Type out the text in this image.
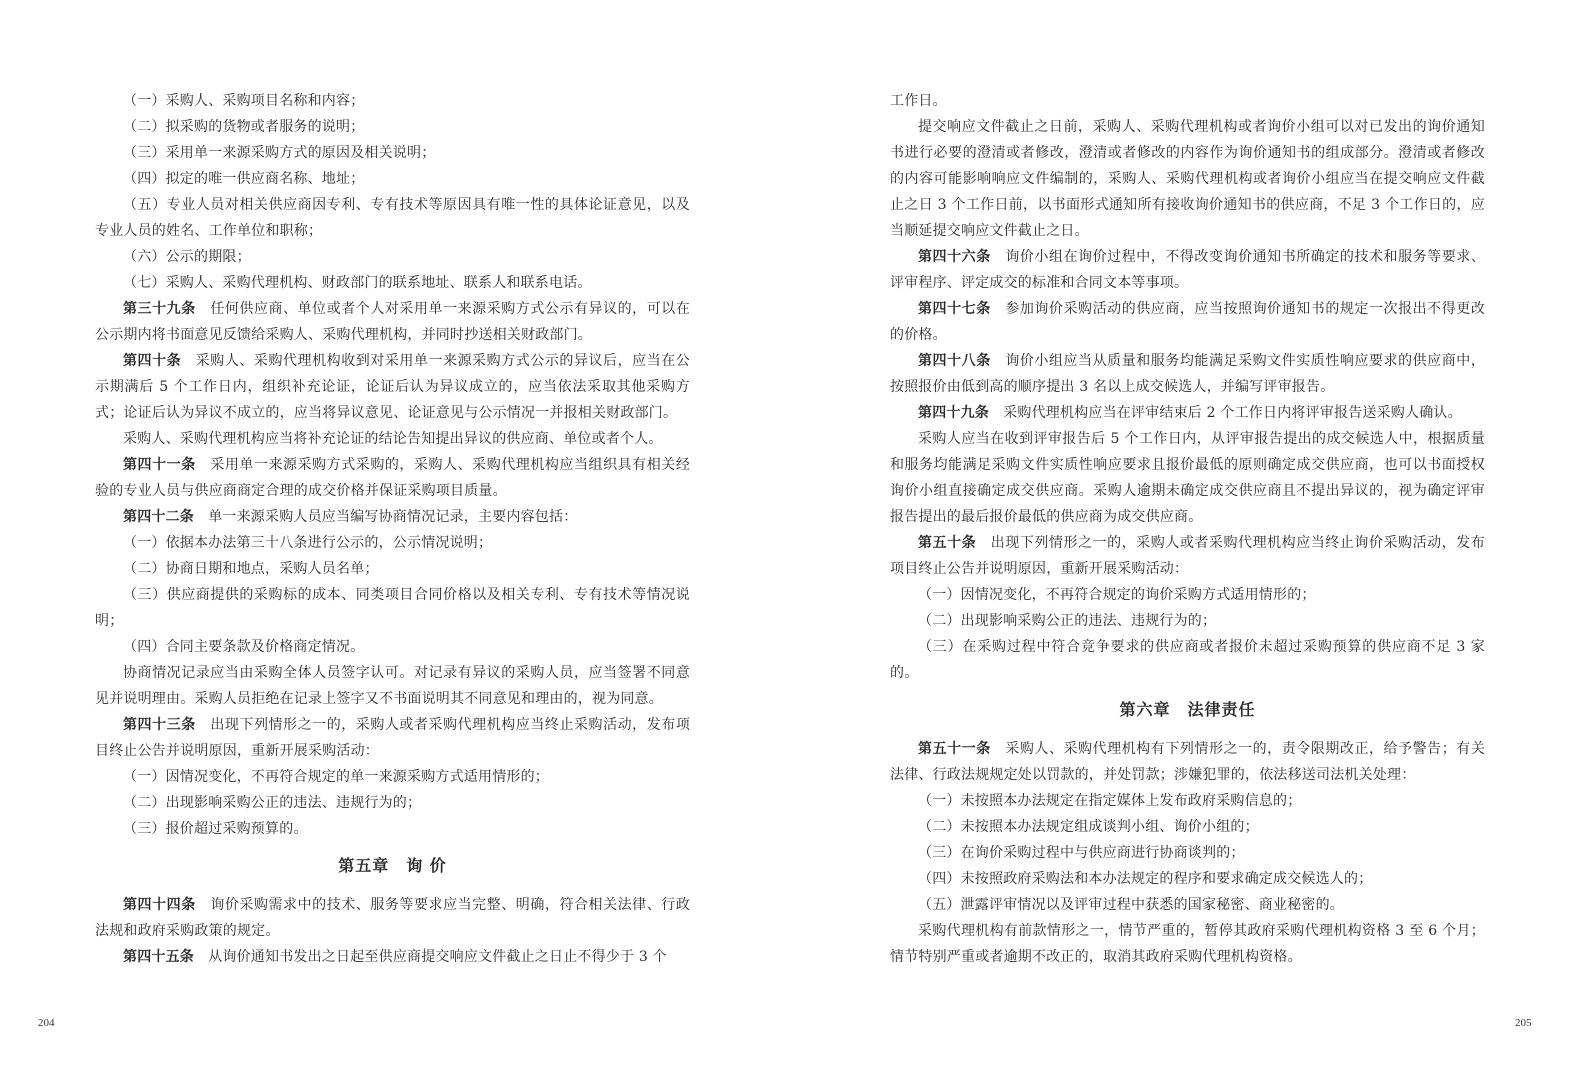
（一）采购人、采购项目名称和内容；

（二）拟采购的货物或者服务的说明；

（三）采用单一来源采购方式的原因及相关说明；

（四）拟定的唯一供应商名称、地址；

（五）专业人员对相关供应商因专利、专有技术等原因具有唯一性的具体论证意见，以及专业人员的姓名、工作单位和职称；

（六）公示的期限；

（七）采购人、采购代理机构、财政部门的联系地址、联系人和联系电话。

第三十九条　 任何供应商、单位或者个人对采用单一来源采购方式公示有异议的，可以在公示期内将书面意见反馈给采购人、采购代理机构，并同时抄送相关财政部门。

第四十条　 采购人、采购代理机构收到对采用单一来源采购方式公示的异议后，应当在公示期满后 5 个工作日内，组织补充论证，论证后认为异议成立的，应当依法采取其他采购方式；论证后认为异议不成立的，应当将异议意见、论证意见与公示情况一并报相关财政部门。

采购人、采购代理机构应当将补充论证的结论告知提出异议的供应商、单位或者个人。

第四十一条　 采用单一来源采购方式采购的，采购人、采购代理机构应当组织具有相关经验的专业人员与供应商商定合理的成交价格并保证采购项目质量。

第四十二条　 单一来源采购人员应当编写协商情况记录，主要内容包括：

（一）依据本办法第三十八条进行公示的，公示情况说明；

（二）协商日期和地点，采购人员名单；

（三）供应商提供的采购标的成本、同类项目合同价格以及相关专利、专有技术等情况说明；

（四）合同主要条款及价格商定情况。

协商情况记录应当由采购全体人员签字认可。对记录有异议的采购人员，应当签署不同意见并说明理由。采购人员拒绝在记录上签字又不书面说明其不同意见和理由的，视为同意。

第四十三条　 出现下列情形之一的，采购人或者采购代理机构应当终止采购活动，发布项目终止公告并说明原因，重新开展采购活动：

（一）因情况变化，不再符合规定的单一来源采购方式适用情形的；

（二）出现影响采购公正的违法、违规行为的；

（三）报价超过采购预算的。

第五章　询 价

第四十四条　 询价采购需求中的技术、服务等要求应当完整、明确，符合相关法律、行政法规和政府采购政策的规定。

第四十五条　 从询价通知书发出之日起至供应商提交响应文件截止之日止不得少于 3 个

工作日。

提交响应文件截止之日前，采购人、采购代理机构或者询价小组可以对已发出的询价通知书进行必要的澄清或者修改，澄清或者修改的内容作为询价通知书的组成部分。澄清或者修改的内容可能影响响应文件编制的，采购人、采购代理机构或者询价小组应当在提交响应文件截止之日 3 个工作日前，以书面形式通知所有接收询价通知书的供应商，不足 3 个工作日的，应当顺延提交响应文件截止之日。

第四十六条　 询价小组在询价过程中，不得改变询价通知书所确定的技术和服务等要求、评审程序、评定成交的标准和合同文本等事项。

第四十七条　 参加询价采购活动的供应商，应当按照询价通知书的规定一次报出不得更改的价格。

第四十八条　 询价小组应当从质量和服务均能满足采购文件实质性响应要求的供应商中，按照报价由低到高的顺序提出 3 名以上成交候选人，并编写评审报告。

第四十九条　 采购代理机构应当在评审结束后 2 个工作日内将评审报告送采购人确认。

采购人应当在收到评审报告后 5 个工作日内，从评审报告提出的成交候选人中，根据质量和服务均能满足采购文件实质性响应要求且报价最低的原则确定成交供应商，也可以书面授权询价小组直接确定成交供应商。采购人逾期未确定成交供应商且不提出异议的，视为确定评审报告提出的最后报价最低的供应商为成交供应商。

第五十条　 出现下列情形之一的，采购人或者采购代理机构应当终止询价采购活动，发布项目终止公告并说明原因，重新开展采购活动：

（一）因情况变化，不再符合规定的询价采购方式适用情形的；

（二）出现影响采购公正的违法、违规行为的；

（三）在采购过程中符合竞争要求的供应商或者报价未超过采购预算的供应商不足 3 家的。

第六章　法律责任

第五十一条　 采购人、采购代理机构有下列情形之一的，责令限期改正，给予警告；有关法律、行政法规规定处以罚款的，并处罚款；涉嫌犯罪的，依法移送司法机关处理：

（一）未按照本办法规定在指定媒体上发布政府采购信息的；

（二）未按照本办法规定组成谈判小组、询价小组的；

（三）在询价采购过程中与供应商进行协商谈判的；

（四）未按照政府采购法和本办法规定的程序和要求确定成交候选人的；

（五）泄露评审情况以及评审过程中获悉的国家秘密、商业秘密的。

采购代理机构有前款情形之一，情节严重的，暂停其政府采购代理机构资格 3 至 6 个月；情节特别严重或者逾期不改正的，取消其政府采购代理机构资格。

204	205
